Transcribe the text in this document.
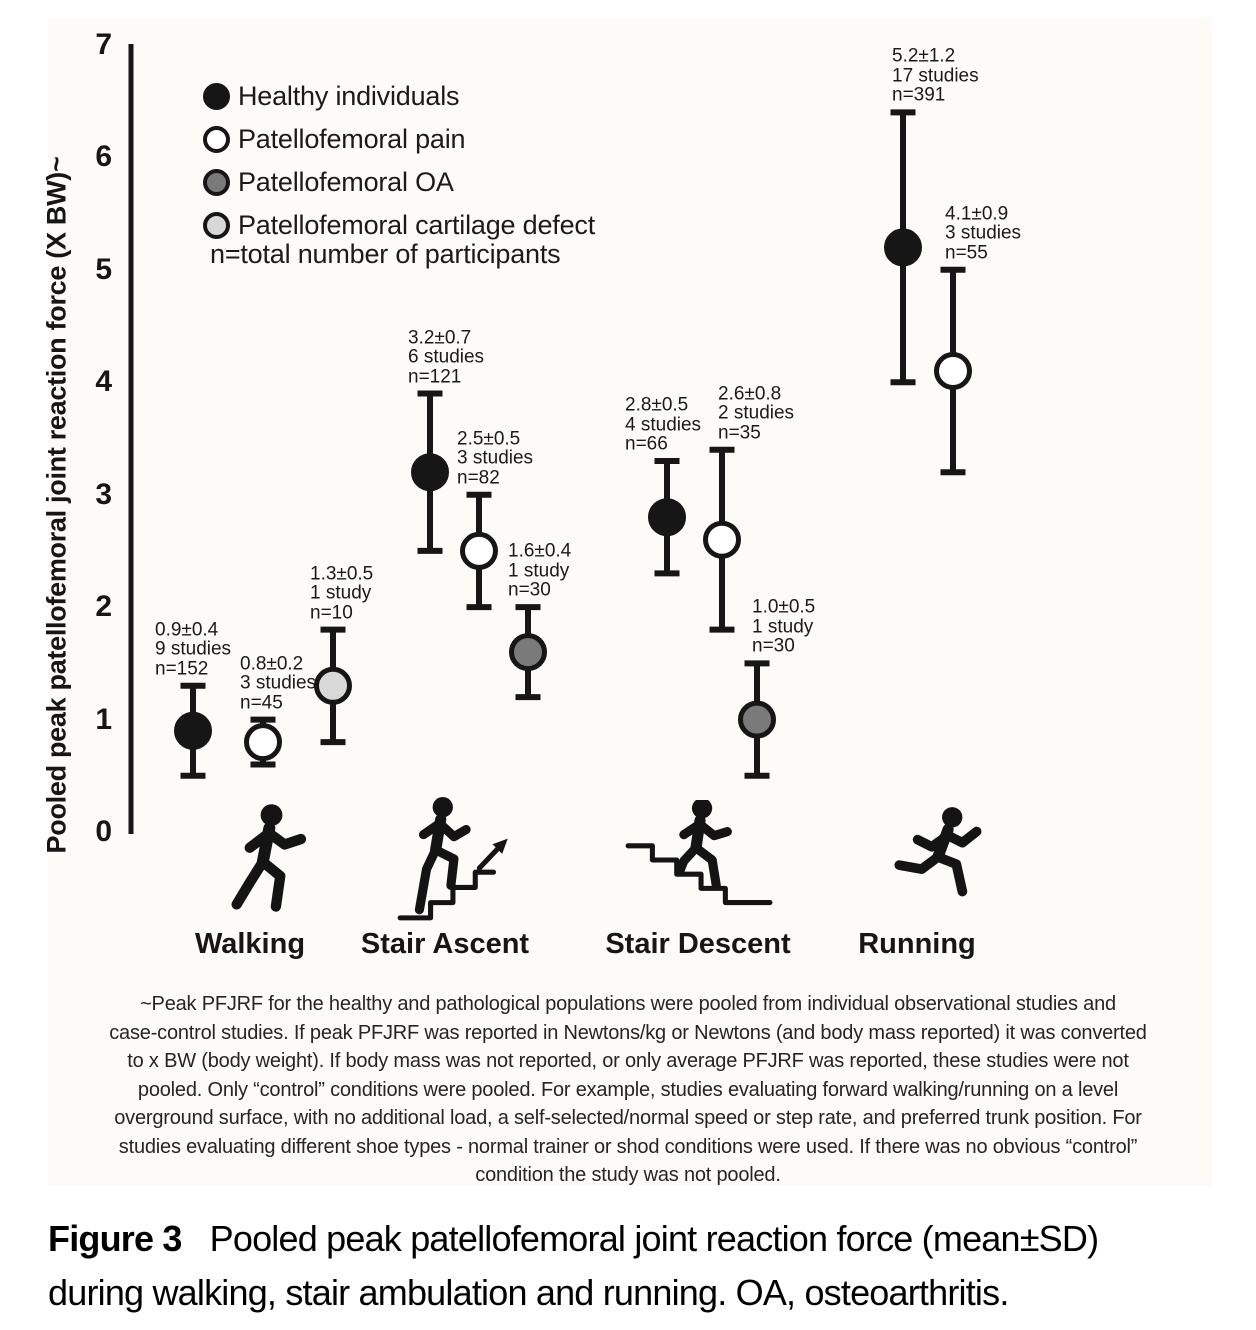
Pooled peak patellofemoral joint reaction force (X BW)~ 0
1
2
3
4
5
6
7
Healthy individuals
Patellofemoral pain
Patellofemoral OA
Patellofemoral cartilage defect
n=total number of participants
0.9±0.4
9 studies
n=152	0.8±0.2
3 studies
n=45
1.3±0.5
1 study
n=10
3.2±0.7
6 studies
n=121
2.5±0.5
3 studies
n=82
1.6±0.4
1 study
n=30
2.8±0.5
4 studies
n=66
2.6±0.8
2 studies
n=35
1.0±0.5
1 study
n=30
5.2±1.2
17 studies
n=391
4.1±0.9
3 studies
n=55
Walking	Stair Ascent	Stair Descent	Running
~Peak PFJRF for the healthy and pathological populations were pooled from individual observational studies and
case-control studies. If peak PFJRF was reported in Newtons/kg or Newtons (and body mass reported) it was converted
to x BW (body weight). If body mass was not reported, or only average PFJRF was reported, these studies were not
pooled. Only “control” conditions were pooled. For example, studies evaluating forward walking/running on a level
overground surface, with no additional load, a self-selected/normal speed or step rate, and preferred trunk position. For
studies evaluating different shoe types - normal trainer or shod conditions were used. If there was no obvious “control”
condition the study was not pooled.
Figure 3 Pooled peak patellofemoral joint reaction force (mean±SD)
during walking, stair ambulation and running. OA, osteoarthritis.
